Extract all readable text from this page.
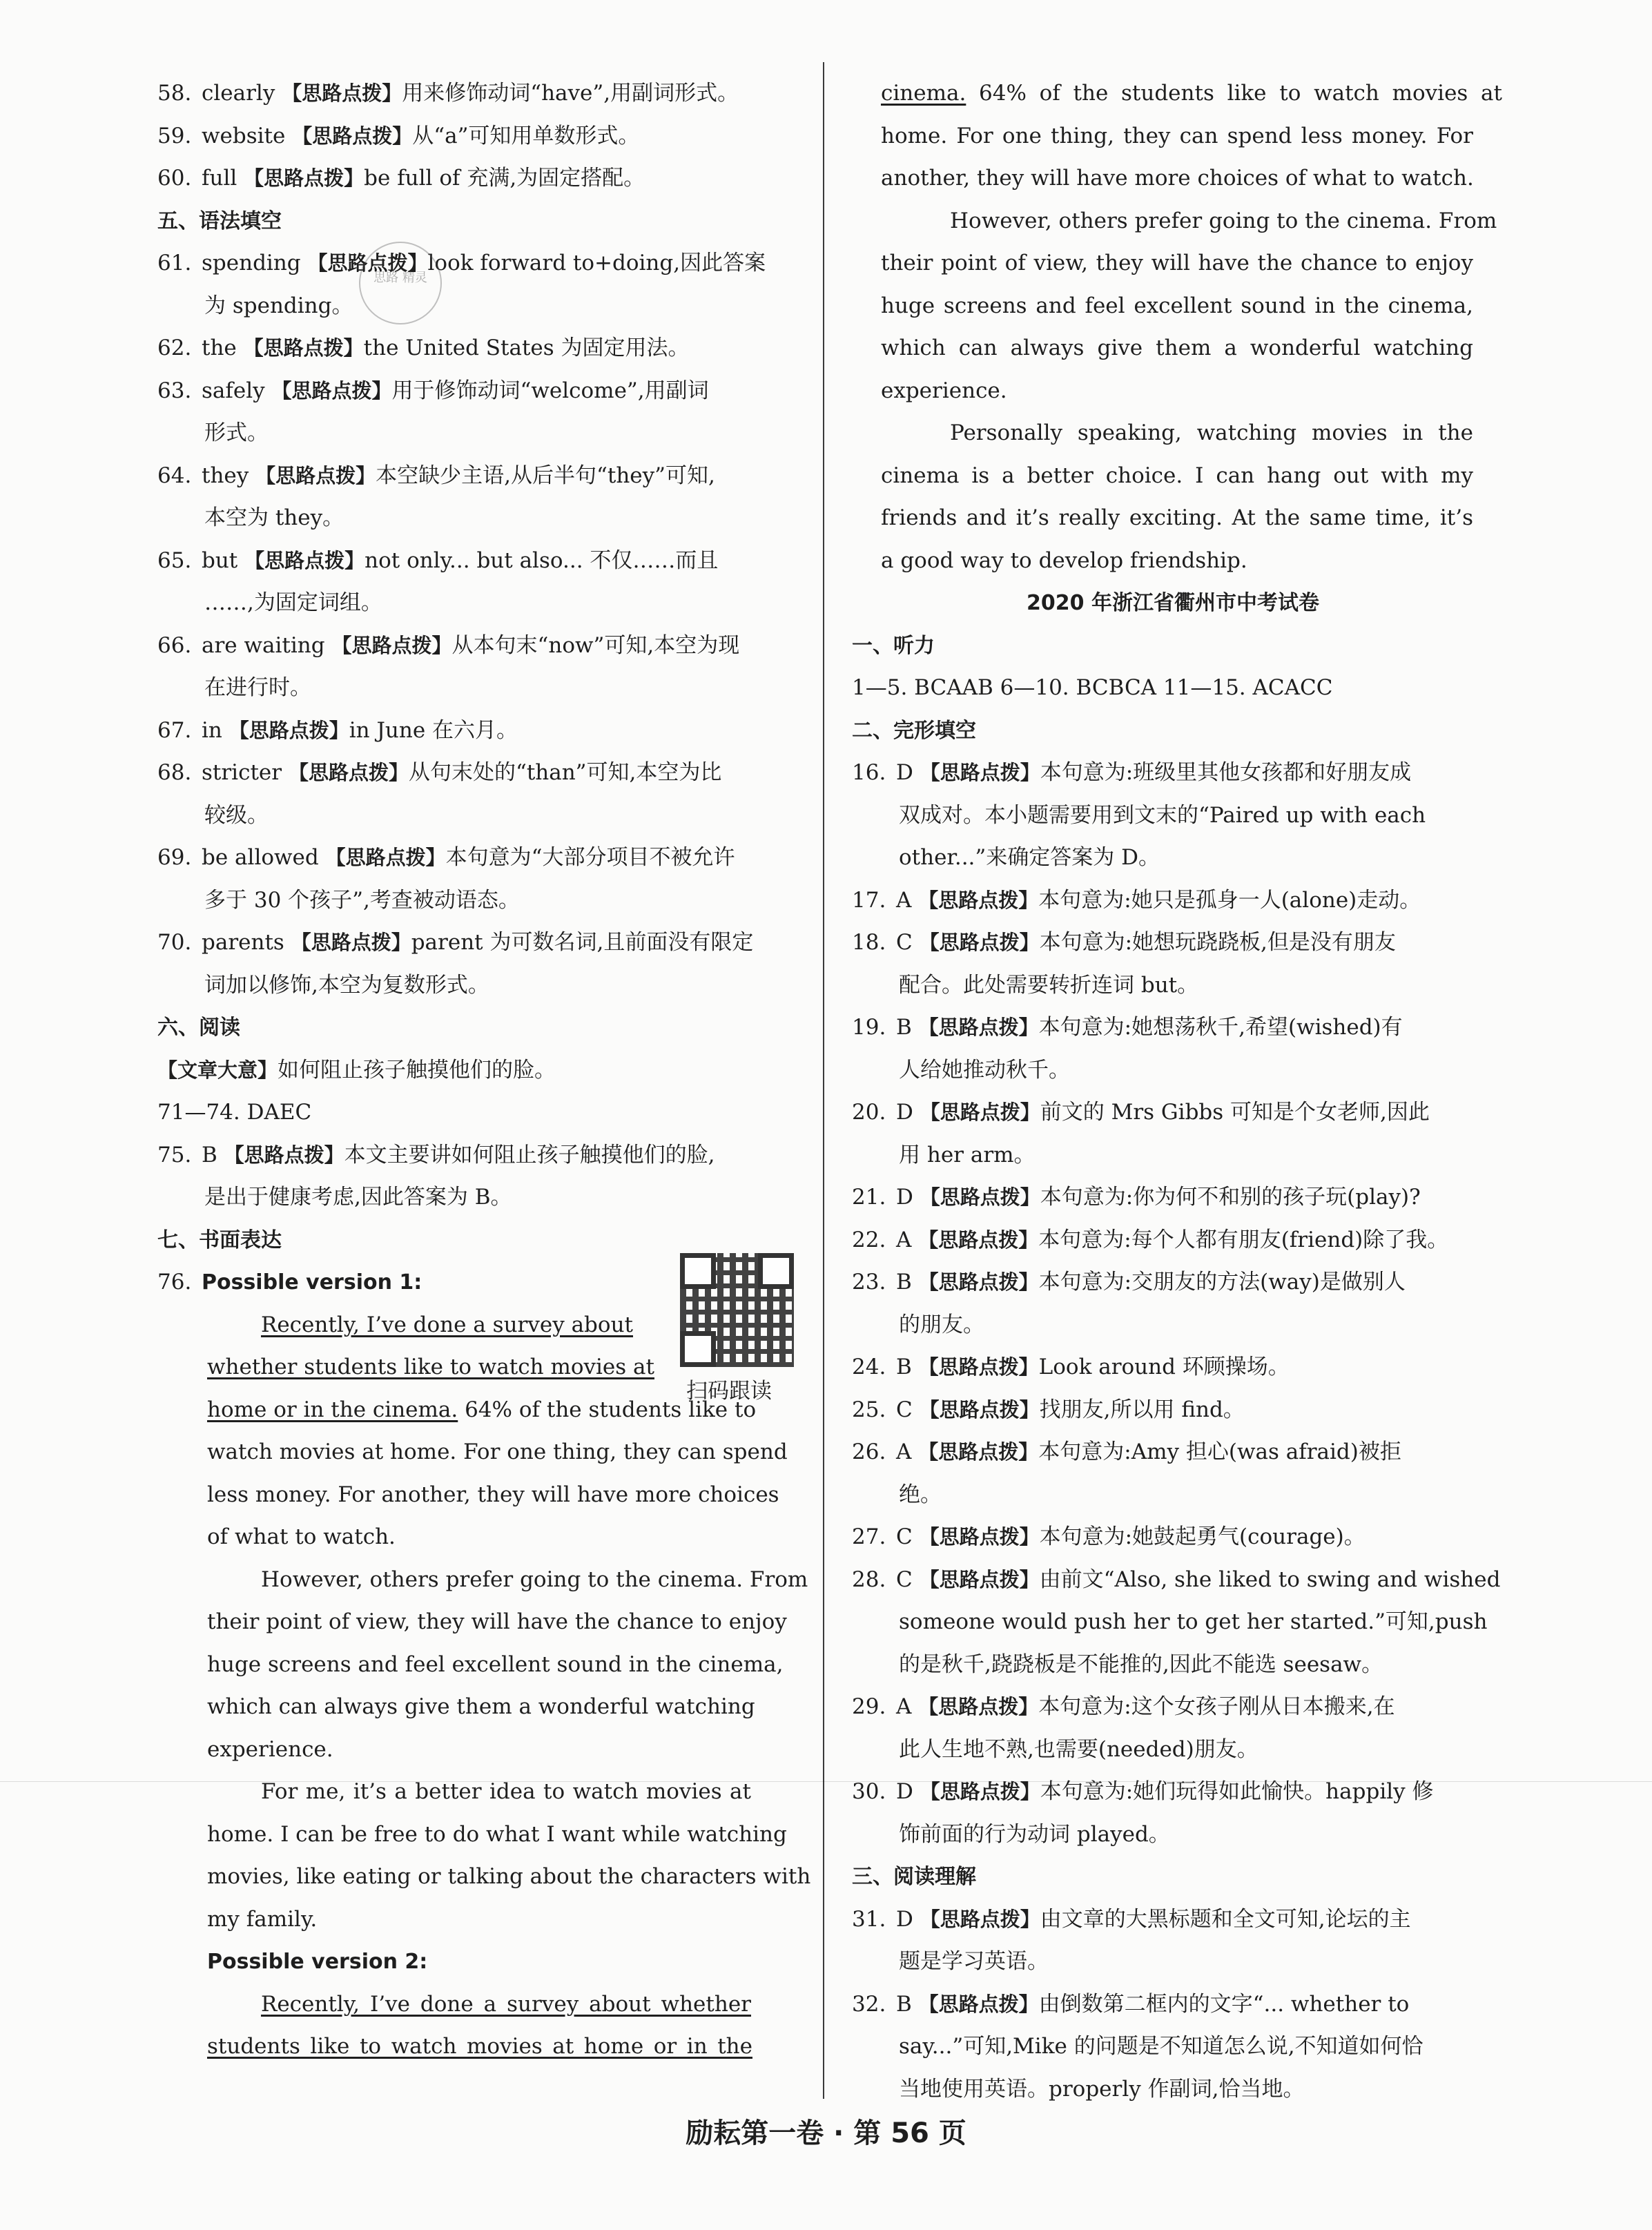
58. clearly 【思路点拨】用来修饰动词“have”,用副词形式。
59. website 【思路点拨】从“a”可知用单数形式。
60. full 【思路点拨】be full of 充满,为固定搭配。
五、语法填空
61. spending 【思路点拨】look forward to+doing,因此答案
为 spending。
62. the 【思路点拨】the United States 为固定用法。
63. safely 【思路点拨】用于修饰动词“welcome”,用副词
形式。
64. they 【思路点拨】本空缺少主语,从后半句“they”可知,
本空为 they。
65. but 【思路点拨】not only... but also... 不仅……而且
……,为固定词组。
66. are waiting 【思路点拨】从本句末“now”可知,本空为现
在进行时。
67. in 【思路点拨】in June 在六月。
68. stricter 【思路点拨】从句末处的“than”可知,本空为比
较级。
69. be allowed 【思路点拨】本句意为“大部分项目不被允许
多于 30 个孩子”,考查被动语态。
70. parents 【思路点拨】parent 为可数名词,且前面没有限定
词加以修饰,本空为复数形式。
六、阅读
【文章大意】如何阻止孩子触摸他们的脸。
71—74. DAEC
75. B 【思路点拨】本文主要讲如何阻止孩子触摸他们的脸,
是出于健康考虑,因此答案为 B。
七、书面表达
76. Possible version 1:
Recently, I’ve done a survey about
whether students like to watch movies at
home or in the cinema. 64% of the students like to
watch movies at home. For one thing, they can spend
less money. For another, they will have more choices
of what to watch.
However, others prefer going to the cinema. From
their point of view, they will have the chance to enjoy
huge screens and feel excellent sound in the cinema,
which can always give them a wonderful watching
experience.
For me, it’s a better idea to watch movies at
home. I can be free to do what I want while watching
movies, like eating or talking about the characters with
my family.
Possible version 2:
Recently, I’ve done a survey about whether
students like to watch movies at home or in the
思路 精灵
扫码跟读
cinema. 64% of the students like to watch movies at
home. For one thing, they can spend less money. For
another, they will have more choices of what to watch.
However, others prefer going to the cinema. From
their point of view, they will have the chance to enjoy
huge screens and feel excellent sound in the cinema,
which can always give them a wonderful watching
experience.
Personally speaking, watching movies in the
cinema is a better choice. I can hang out with my
friends and it’s really exciting. At the same time, it’s
a good way to develop friendship.
2020 年浙江省衢州市中考试卷
一、听力
1—5. BCAAB 6—10. BCBCA 11—15. ACACC
二、完形填空
16. D 【思路点拨】本句意为:班级里其他女孩都和好朋友成
双成对。本小题需要用到文末的“Paired up with each
other...”来确定答案为 D。
17. A 【思路点拨】本句意为:她只是孤身一人(alone)走动。
18. C 【思路点拨】本句意为:她想玩跷跷板,但是没有朋友
配合。此处需要转折连词 but。
19. B 【思路点拨】本句意为:她想荡秋千,希望(wished)有
人给她推动秋千。
20. D 【思路点拨】前文的 Mrs Gibbs 可知是个女老师,因此
用 her arm。
21. D 【思路点拨】本句意为:你为何不和别的孩子玩(play)?
22. A 【思路点拨】本句意为:每个人都有朋友(friend)除了我。
23. B 【思路点拨】本句意为:交朋友的方法(way)是做别人
的朋友。
24. B 【思路点拨】Look around 环顾操场。
25. C 【思路点拨】找朋友,所以用 find。
26. A 【思路点拨】本句意为:Amy 担心(was afraid)被拒
绝。
27. C 【思路点拨】本句意为:她鼓起勇气(courage)。
28. C 【思路点拨】由前文“Also, she liked to swing and wished
someone would push her to get her started.”可知,push
的是秋千,跷跷板是不能推的,因此不能选 seesaw。
29. A 【思路点拨】本句意为:这个女孩子刚从日本搬来,在
此人生地不熟,也需要(needed)朋友。
30. D 【思路点拨】本句意为:她们玩得如此愉快。happily 修
饰前面的行为动词 played。
三、阅读理解
31. D 【思路点拨】由文章的大黑标题和全文可知,论坛的主
题是学习英语。
32. B 【思路点拨】由倒数第二框内的文字“... whether to
say...”可知,Mike 的问题是不知道怎么说,不知道如何恰
当地使用英语。properly 作副词,恰当地。
励耘第一卷 · 第 56 页
